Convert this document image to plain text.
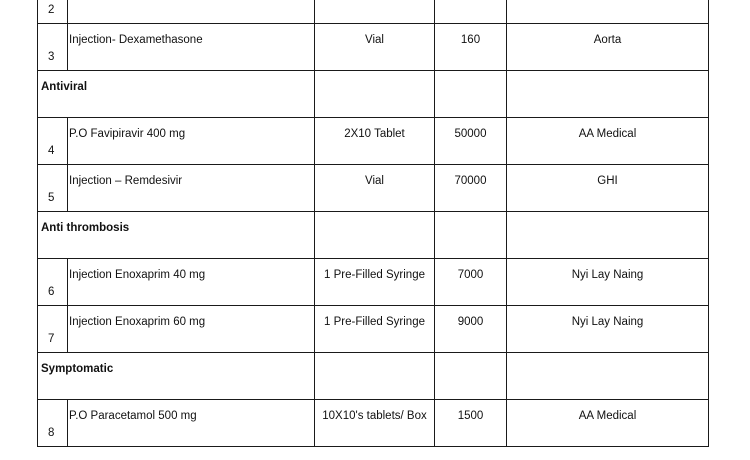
2				
3	Injection- Dexamethasone	Vial	160	Aorta
Antiviral				
4	P.O Favipiravir 400 mg	2X10 Tablet	50000	AA Medical
5	Injection – Remdesivir	Vial	70000	GHI
Anti thrombosis				
6	Injection Enoxaprim 40 mg	1 Pre-Filled Syringe	7000	Nyi Lay Naing
7	Injection Enoxaprim 60 mg	1 Pre-Filled Syringe	9000	Nyi Lay Naing
Symptomatic				
8	P.O Paracetamol 500 mg	10X10's tablets/ Box	1500	AA Medical
